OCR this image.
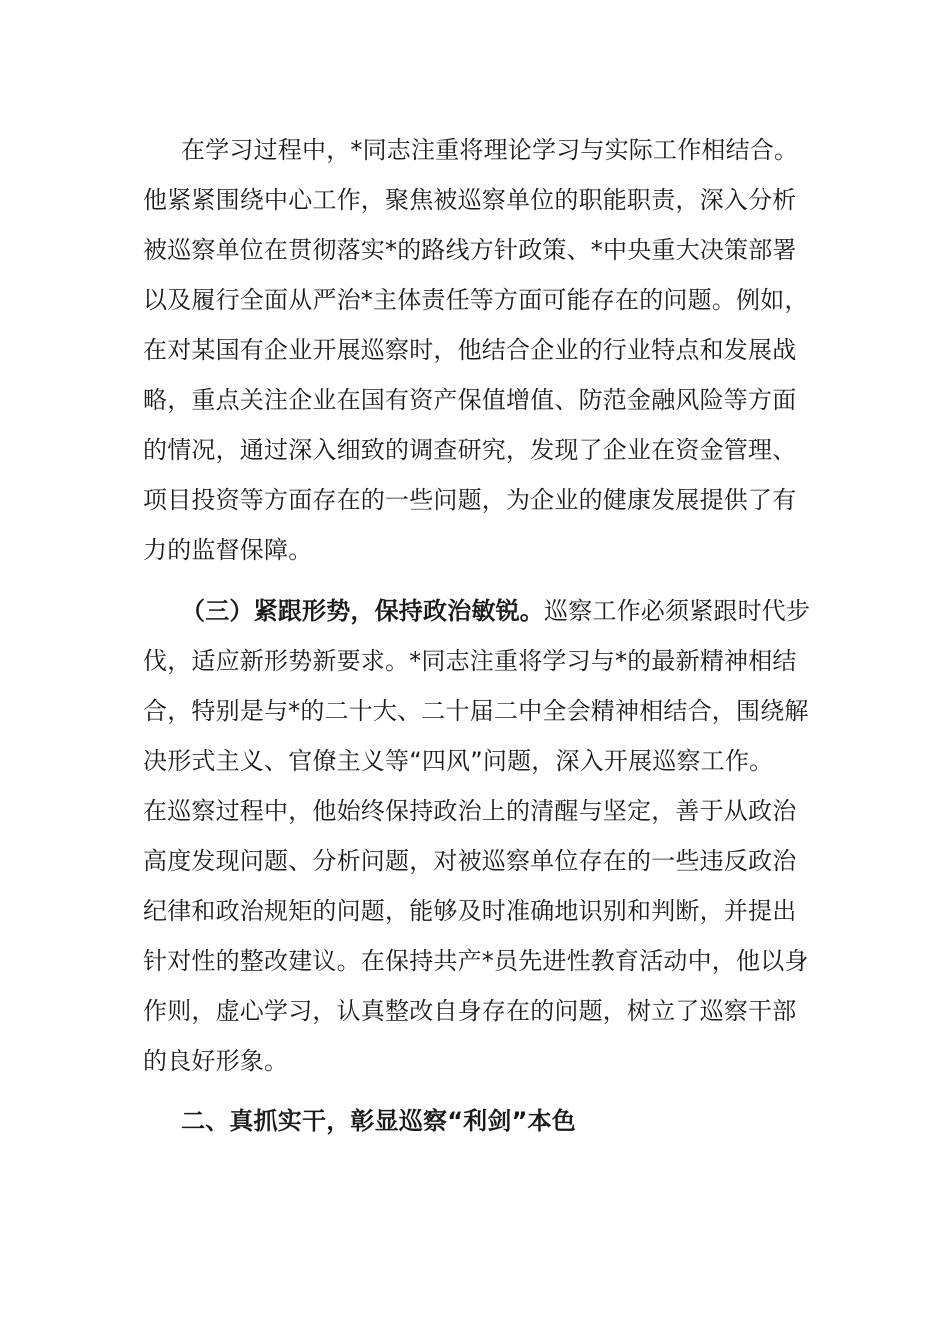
在学习过程中，*同志注重将理论学习与实际工作相结合。
他紧紧围绕中心工作，聚焦被巡察单位的职能职责，深入分析
被巡察单位在贯彻落实*的路线方针政策、*中央重大决策部署
以及履行全面从严治*主体责任等方面可能存在的问题。例如，
在对某国有企业开展巡察时，他结合企业的行业特点和发展战
略，重点关注企业在国有资产保值增值、防范金融风险等方面
的情况，通过深入细致的调查研究，发现了企业在资金管理、
项目投资等方面存在的一些问题，为企业的健康发展提供了有
力的监督保障。
（三）紧跟形势，保持政治敏锐。巡察工作必须紧跟时代步
伐，适应新形势新要求。*同志注重将学习与*的最新精神相结
合，特别是与*的二十大、二十届二中全会精神相结合，围绕解
决形式主义、官僚主义等“四风”问题，深入开展巡察工作。
在巡察过程中，他始终保持政治上的清醒与坚定，善于从政治
高度发现问题、分析问题，对被巡察单位存在的一些违反政治
纪律和政治规矩的问题，能够及时准确地识别和判断，并提出
针对性的整改建议。在保持共产*员先进性教育活动中，他以身
作则，虚心学习，认真整改自身存在的问题，树立了巡察干部
的良好形象。
二、真抓实干，彰显巡察“利剑”本色
